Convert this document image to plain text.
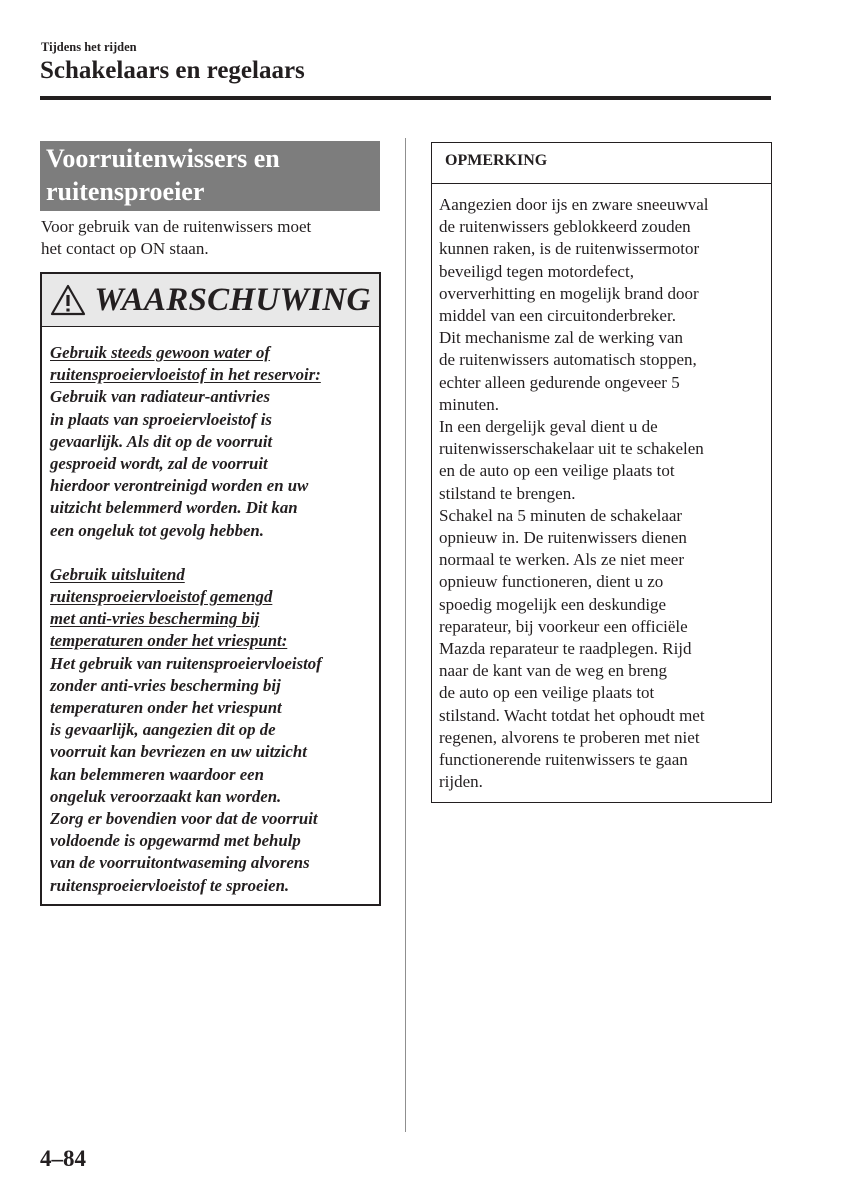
Tijdens het rijden
Schakelaars en regelaars
Voorruitenwissers en
ruitensproeier

Voor gebruik van de ruitenwissers moet
het contact op ON staan.

WAARSCHUWING
Gebruik steeds gewoon water of
ruitensproeiervloeistof in het reservoir:
Gebruik van radiateur-antivries
in plaats van sproeiervloeistof is
gevaarlijk. Als dit op de voorruit
gesproeid wordt, zal de voorruit
hierdoor verontreinigd worden en uw
uitzicht belemmerd worden. Dit kan
een ongeluk tot gevolg hebben.
Gebruik uitsluitend
ruitensproeiervloeistof gemengd
met anti-vries bescherming bij
temperaturen onder het vriespunt:
Het gebruik van ruitensproeiervloeistof
zonder anti-vries bescherming bij
temperaturen onder het vriespunt
is gevaarlijk, aangezien dit op de
voorruit kan bevriezen en uw uitzicht
kan belemmeren waardoor een
ongeluk veroorzaakt kan worden.
Zorg er bovendien voor dat de voorruit
voldoende is opgewarmd met behulp
van de voorruitontwaseming alvorens
ruitensproeiervloeistof te sproeien.
OPMERKING
Aangezien door ijs en zware sneeuwval
de ruitenwissers geblokkeerd zouden
kunnen raken, is de ruitenwissermotor
beveiligd tegen motordefect,
oververhitting en mogelijk brand door
middel van een circuitonderbreker.
Dit mechanisme zal de werking van
de ruitenwissers automatisch stoppen,
echter alleen gedurende ongeveer 5
minuten.
In een dergelijk geval dient u de
ruitenwisserschakelaar uit te schakelen
en de auto op een veilige plaats tot
stilstand te brengen.
Schakel na 5 minuten de schakelaar
opnieuw in. De ruitenwissers dienen
normaal te werken. Als ze niet meer
opnieuw functioneren, dient u zo
spoedig mogelijk een deskundige
reparateur, bij voorkeur een officiële
Mazda reparateur te raadplegen. Rijd
naar de kant van de weg en breng
de auto op een veilige plaats tot
stilstand. Wacht totdat het ophoudt met
regenen, alvorens te proberen met niet
functionerende ruitenwissers te gaan
rijden.
4–84
